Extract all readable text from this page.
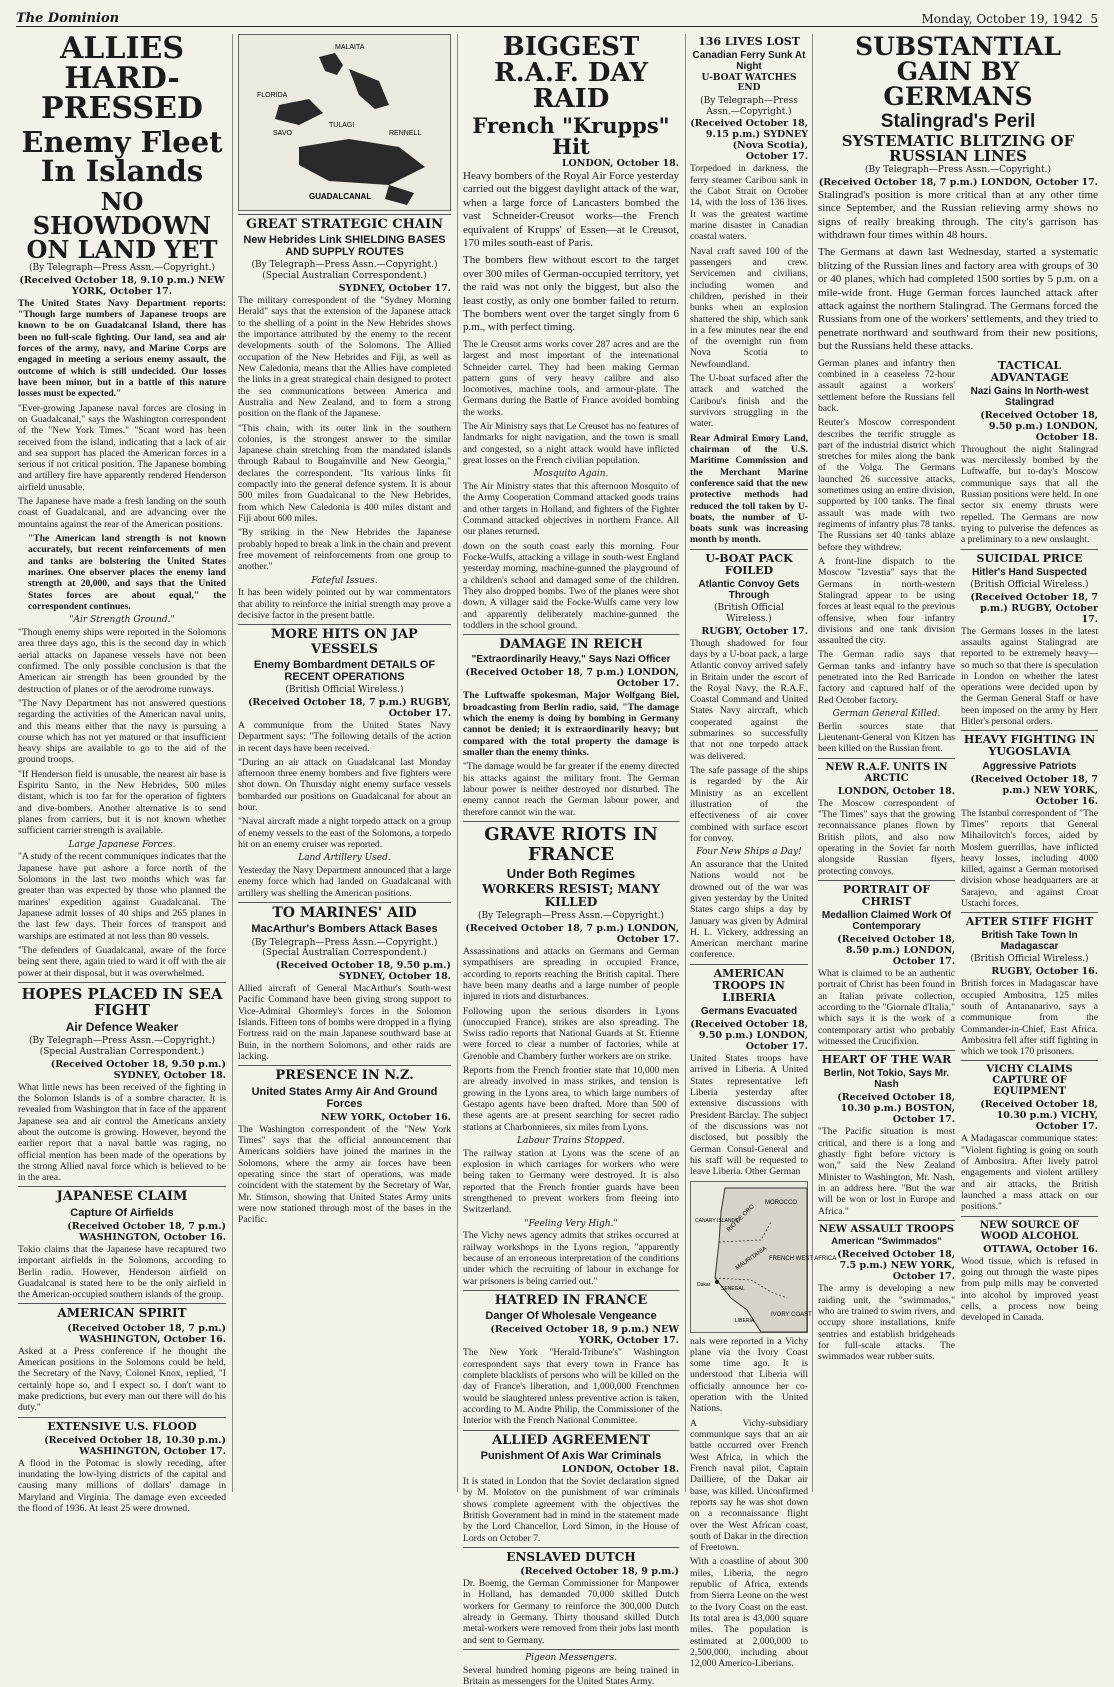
The Dominion	Monday, October 19, 1942 5
ALLIES HARD-PRESSED
Enemy Fleet In Islands
NO SHOWDOWN ON LAND YET
(By Telegraph—Press Assn.—Copyright.)
(Received October 18, 9.10 p.m.) NEW YORK, October 17.

The United States Navy Department reports: "Though large numbers of Japanese troops are known to be on Guadalcanal Island, there has been no full-scale fighting. Our land, sea and air forces of the army, navy, and Marine Corps are engaged in meeting a serious enemy assault, the outcome of which is still undecided. Our losses have been minor, but in a battle of this nature losses must be expected."

"Ever-growing Japanese naval forces are closing in on Guadalcanal," says the Washington correspondent of the "New York Times." "Scant word has been received from the island, indicating that a lack of air and sea support has placed the American forces in a serious if not critical position. The Japanese bombing and artillery fire have apparently rendered Henderson airfield unusable.

The Japanese have made a fresh landing on the south coast of Guadalcanal, and are advancing over the mountains against the rear of the American positions.

"The American land strength is not known accurately, but recent reinforcements of men and tanks are bolstering the United States marines. One observer places the enemy land strength at 20,000, and says that the United States forces are about equal," the correspondent continues.

"Air Strength Ground."

"Though enemy ships were reported in the Solomons area three days ago, this is the second day in which aerial attacks on Japanese vessels have not been confirmed. The only possible conclusion is that the American air strength has been grounded by the destruction of planes or of the aerodrome runways.

"The Navy Department has not answered questions regarding the activities of the American naval units, and this means either that the navy is pursuing a course which has not yet matured or that insufficient heavy ships are available to go to the aid of the ground troops.

"If Henderson field is unusable, the nearest air base is Espiritu Santo, in the New Hebrides, 500 miles distant, which is too far for the operation of fighters and dive-bombers. Another alternative is to send planes from carriers, but it is not known whether sufficient carrier strength is available.

Large Japanese Forces.

"A study of the recent communiques indicates that the Japanese have put ashore a force north of the Solomons in the last two months which was far greater than was expected by those who planned the marines' expedition against Guadalcanal. The Japanese admit losses of 40 ships and 265 planes in the last few days. Their forces of transport and warships are estimated at not less than 80 vessels.

"The defenders of Guadalcanal, aware of the force being sent there, again tried to ward it off with the air power at their disposal, but it was overwhelmed.

HOPES PLACED IN SEA FIGHT
Air Defence Weaker
(By Telegraph—Press Assn.—Copyright.) (Special Australian Correspondent.)
(Received October 18, 9.50 p.m.) SYDNEY, October 18.

What little news has been received of the fighting in the Solomon Islands is of a sombre character. It is revealed from Washington that in face of the apparent Japanese sea and air control the Americans anxiety about the outcome is growing. However, beyond the earlier report that a naval battle was raging, no official mention has been made of the operations by the strong Allied naval force which is believed to be in the area.

JAPANESE CLAIM
Capture Of Airfields
(Received October 18, 7 p.m.) WASHINGTON, October 16.

Tokio claims that the Japanese have recaptured two important airfields in the Solomons, according to Berlin radio. However, Henderson airfield on Guadalcanal is stated here to be the only airfield in the American-occupied southern islands of the group.

AMERICAN SPIRIT
(Received October 18, 7 p.m.) WASHINGTON, October 16.

Asked at a Press conference if he thought the American positions in the Solomons could be held, the Secretary of the Navy, Colonel Knox, replied, "I certainly hope so, and I expect so. I don't want to make predictions, but every man out there will do his duty."

EXTENSIVE U.S. FLOOD
(Received October 18, 10.30 p.m.) WASHINGTON, October 17.

A flood in the Potomac is slowly receding, after inundating the low-lying districts of the capital and causing many millions of dollars' damage in Maryland and Virginia. The damage even exceeded the flood of 1936. At least 25 were drowned.

MALAITA
FLORIDA
SAVO
TULAGI
GUADALCANAL
RENNELL
GREAT STRATEGIC CHAIN
New Hebrides Link SHIELDING BASES AND SUPPLY ROUTES
(By Telegraph—Press Assn.—Copyright.) (Special Australian Correspondent.)
SYDNEY, October 17.

The military correspondent of the "Sydney Morning Herald" says that the extension of the Japanese attack to the shelling of a point in the New Hebrides shows the importance attributed by the enemy to the recent developments south of the Solomons. The Allied occupation of the New Hebrides and Fiji, as well as New Caledonia, means that the Allies have completed the links in a great strategical chain designed to protect the sea communications between America and Australia and New Zealand, and to form a strong position on the flank of the Japanese.

"This chain, with its outer link in the southern colonies, is the strongest answer to the similar Japanese chain stretching from the mandated islands through Rabaul to Bougainville and New Georgia," declares the correspondent. "Its various links fit compactly into the general defence system. It is about 500 miles from Guadalcanal to the New Hebrides, from which New Caledonia is 400 miles distant and Fiji about 600 miles.

"By striking in the New Hebrides the Japanese probably hoped to break a link in the chain and prevent free movement of reinforcements from one group to another."

Fateful Issues.

It has been widely pointed out by war commentators that ability to reinforce the initial strength may prove a decisive factor in the present battle.

MORE HITS ON JAP VESSELS
Enemy Bombardment DETAILS OF RECENT OPERATIONS
(British Official Wireless.)
(Received October 18, 7 p.m.) RUGBY, October 17.

A communique from the United States Navy Department says: "The following details of the action in recent days have been received.

"During an air attack on Guadalcanal last Monday afternoon three enemy bombers and five fighters were shot down. On Thursday night enemy surface vessels bombarded our positions on Guadalcanal for about an hour.

"Naval aircraft made a night torpedo attack on a group of enemy vessels to the east of the Solomons, a torpedo hit on an enemy cruiser was reported.

Land Artillery Used.

Yesterday the Navy Department announced that a large enemy force which had landed on Guadalcanal with artillery was shelling the American positions.

TO MARINES' AID
MacArthur's Bombers Attack Bases
(By Telegraph—Press Assn.—Copyright.) (Special Australian Correspondent.)
(Received October 18, 9.50 p.m.) SYDNEY, October 18.

Allied aircraft of General MacArthur's South-west Pacific Command have been giving strong support to Vice-Admiral Ghormley's forces in the Solomon Islands. Fifteen tons of bombs were dropped in a flying Fortress raid on the main Japanese southward base at Buin, in the northern Solomons, and other raids are lacking.

PRESENCE IN N.Z.
United States Army Air And Ground Forces
NEW YORK, October 16.

The Washington correspondent of the "New York Times" says that the official announcement that Americans soldiers have joined the marines in the Solomons, where the army air forces have been operating since the start of operations, was made coincident with the statement by the Secretary of War, Mr. Stimson, showing that United States Army units were now stationed through most of the bases in the Pacific.

BIGGEST R.A.F. DAY RAID
French "Krupps" Hit
LONDON, October 18.

Heavy bombers of the Royal Air Force yesterday carried out the biggest daylight attack of the war, when a large force of Lancasters bombed the vast Schneider-Creusot works—the French equivalent of Krupps' of Essen—at le Creusot, 170 miles south-east of Paris.

The bombers flew without escort to the target over 300 miles of German-occupied territory, yet the raid was not only the biggest, but also the least costly, as only one bomber failed to return. The bombers went over the target singly from 6 p.m., with perfect timing.

The le Creusot arms works cover 287 acres and are the largest and most important of the international Schneider cartel. They had been making German pattern guns of very heavy calibre and also locomotives, machine tools, and armour-plate. The Germans during the Battle of France avoided bombing the works.

The Air Ministry says that Le Creusot has no features of landmarks for night navigation, and the town is small and congested, so a night attack would have inflicted great losses on the French civilian population.

Mosquito Again.

The Air Ministry states that this afternoon Mosquito of the Army Cooperation Command attacked goods trains and other targets in Holland, and fighters of the Fighter Command attacked objectives in northern France. All our planes returned.

down on the south coast early this morning. Four Focke-Wulfs, attacking a village in south-west England yesterday morning, machine-gunned the playground of a children's school and damaged some of the children. They also dropped bombs. Two of the planes were shot down. A villager said the Focke-Wulfs came very low and apparently deliberately machine-gunned the toddlers in the school ground.

DAMAGE IN REICH
"Extraordinarily Heavy," Says Nazi Officer
(Received October 18, 7 p.m.) LONDON, October 17.

The Luftwaffe spokesman, Major Wolfgang Biel, broadcasting from Berlin radio, said, "The damage which the enemy is doing by bombing in Germany cannot be denied; it is extraordinarily heavy; but compared with the total property the damage is smaller than the enemy thinks.

"The damage would be far greater if the enemy directed his attacks against the military front. The German labour power is neither destroyed nor disturbed. The enemy cannot reach the German labour power, and therefore cannot win the war.

GRAVE RIOTS IN FRANCE
Under Both Regimes
WORKERS RESIST; MANY KILLED
(By Telegraph—Press Assn.—Copyright.)
(Received October 18, 7 p.m.) LONDON, October 17.

Assassinations and attacks on Germans and German sympathisers are spreading in occupied France, according to reports reaching the British capital. There have been many deaths and a large number of people injured in riots and disturbances.

Following upon the serious disorders in Lyons (unoccupied France), strikes are also spreading. The Swiss radio reports that National Guards at St. Etienne were forced to clear a number of factories, while at Grenoble and Chambery further workers are on strike.

Reports from the French frontier state that 10,000 men are already involved in mass strikes, and tension is growing in the Lyons area, to which large numbers of Gestapo agents have been drafted. More than 500 of these agents are at present searching for secret radio stations at Charbonnieres, six miles from Lyons.

Labour Trains Stopped.

The railway station at Lyons was the scene of an explosion in which carriages for workers who were being taken to Germany were destroyed. It is also reported that the French frontier guards have been strengthened to prevent workers from fleeing into Switzerland.

"Feeling Very High."

The Vichy news agency admits that strikes occurred at railway workshops in the Lyons region, "apparently because of an erroneous interpretation of the conditions under which the recruiting of labour in exchange for war prisoners is being carried out."

HATRED IN FRANCE
Danger Of Wholesale Vengeance
(Received October 18, 9 p.m.) NEW YORK, October 17.

The New York "Herald-Tribune's" Washington correspondent says that every town in France has complete blacklists of persons who will be killed on the day of France's liberation, and 1,000,000 Frenchmen would be slaughtered unless preventive action is taken, according to M. Andre Philip, the Commissioner of the Interior with the French National Committee.

ALLIED AGREEMENT
Punishment Of Axis War Criminals
LONDON, October 18.

It is stated in London that the Soviet declaration signed by M. Molotov on the punishment of war criminals shows complete agreement with the objectives the British Government had in mind in the statement made by the Lord Chancellor, Lord Simon, in the House of Lords on October 7.

ENSLAVED DUTCH
(Received October 18, 9 p.m.)

Dr. Boenig, the German Commissioner for Manpower in Holland, has demanded 70,000 skilled Dutch workers for Germany to reinforce the 300,000 Dutch already in Germany. Thirty thousand skilled Dutch metal-workers were removed from their jobs last month and sent to Germany.

Pigeon Messengers.

Several hundred homing pigeons are being trained in Britain as messengers for the United States Army.

136 LIVES LOST
Canadian Ferry Sunk At Night
U-BOAT WATCHES END
(By Telegraph—Press Assn.—Copyright.)
(Received October 18, 9.15 p.m.) SYDNEY (Nova Scotia), October 17.

Torpedoed in darkness, the ferry steamer Caribou sank in the Cabot Strait on October 14, with the loss of 136 lives. It was the greatest wartime marine disaster in Canadian coastal waters.

Naval craft saved 100 of the passengers and crew. Servicemen and civilians, including women and children, perished in their bunks when an explosion shattered the ship, which sank in a few minutes near the end of the overnight run from Nova Scotia to Newfoundland.

The U-boat surfaced after the attack and watched the Caribou's finish and the survivors struggling in the water.

Rear Admiral Emory Land, chairman of the U.S. Maritime Commission and the Merchant Marine conference said that the new protective methods had reduced the toll taken by U-boats, the number of U-boats sunk was increasing month by month.

U-BOAT PACK FOILED
Atlantic Convoy Gets Through
(British Official Wireless.)
RUGBY, October 17.

Though shadowed for four days by a U-boat pack, a large Atlantic convoy arrived safely in Britain under the escort of the Royal Navy, the R.A.F., Coastal Command and United States Navy aircraft, which cooperated against the submarines so successfully that not one torpedo attack was delivered.

The safe passage of the ships is regarded by the Air Ministry as an excellent illustration of the effectiveness of air cover combined with surface escort for convoy.

Four New Ships a Day!

An assurance that the United Nations would not be drowned out of the war was given yesterday by the United States cargo ships a day by January was given by Admiral H. L. Vickery, addressing an American merchant marine conference.

AMERICAN TROOPS IN LIBERIA
Germans Evacuated
(Received October 18, 9.50 p.m.) LONDON, October 17.

United States troops have arrived in Liberia. A United States representative left Liberia yesterday after extensive discussions with President Barclay. The subject of the discussions was not disclosed, but possibly the German Consul-General and his staff will be requested to leave Liberia. Other German

RIO DE ORO
MOROCCO
MAURITANIA FRENCH WEST AFRICA
SENEGAL
IVORY COAST
LIBERIA
Dakar
CANARY ISLANDS

nals were reported in a Vichy plane via the Ivory Coast some time ago. It is understood that Liberia will officially announce her co-operation with the United Nations.

A Vichy-subsidiary communique says that an air battle occurred over French West Africa, in which the French naval pilot, Captain Dailliere, of the Dakar air base, was killed. Unconfirmed reports say he was shot down on a reconnaissance flight over the West African coast, south of Dakar in the direction of Freetown.

With a coastline of about 300 miles, Liberia, the negro republic of Africa, extends from Sierra Leone on the west to the Ivory Coast on the east. Its total area is 43,000 square miles. The population is estimated at 2,000,000 to 2,500,000, including about 12,000 Americo-Liberians.

SUBSTANTIAL GAIN BY GERMANS
Stalingrad's Peril
SYSTEMATIC BLITZING OF RUSSIAN LINES
(By Telegraph—Press Assn.—Copyright.)
(Received October 18, 7 p.m.) LONDON, October 17.

Stalingrad's position is more critical than at any other time since September, and the Russian relieving army shows no signs of really breaking through. The city's garrison has withdrawn four times within 48 hours.

The Germans at dawn last Wednesday, started a systematic blitzing of the Russian lines and factory area with groups of 30 or 40 planes, which had completed 1500 sorties by 5 p.m. on a mile-wide front. Huge German forces launched attack after attack against the northern Stalingrad. The Germans forced the Russians from one of the workers' settlements, and they tried to penetrate northward and southward from their new positions, but the Russians held these attacks.

German planes and infantry then combined in a ceaseless 72-hour assault against a workers' settlement before the Russians fell back.

Reuter's Moscow correspondent describes the terrific struggle as part of the industrial district which stretches for miles along the bank of the Volga. The Germans launched 26 successive attacks, sometimes using an entire division, supported by 100 tanks. The final assault was made with two regiments of infantry plus 78 tanks. The Russians set 40 tanks ablaze before they withdrew.

A front-line dispatch to the Moscow "Izvestia" says that the Germans in north-western Stalingrad appear to be using forces at least equal to the previous offensive, when four infantry divisions and one tank division assaulted the city.

The German radio says that German tanks and infantry have penetrated into the Red Barricade factory and captured half of the Red October factory.

German General Killed.

Berlin sources state that Lieutenant-General von Kitzen has been killed on the Russian front.

NEW R.A.F. UNITS IN ARCTIC
LONDON, October 18.

The Moscow correspondent of "The Times" says that the growing reconnaissance planes flown by British pilots, and also now operating in the Soviet far north alongside Russian flyers, protecting convoys.

PORTRAIT OF CHRIST
Medallion Claimed Work Of Contemporary
(Received October 18, 8.50 p.m.) LONDON, October 17.

What is claimed to be an authentic portrait of Christ has been found in an Italian private collection, according to the "Giornale d'Italia," which says it is the work of a contemporary artist who probably witnessed the Crucifixion.

HEART OF THE WAR
Berlin, Not Tokio, Says Mr. Nash
(Received October 18, 10.30 p.m.) BOSTON, October 17.

"The Pacific situation is most critical, and there is a long and ghastly fight before victory is won," said the New Zealand Minister to Washington, Mr. Nash, in an address here. "But the war will be won or lost in Europe and Africa."

NEW ASSAULT TROOPS
American "Swimmados"
(Received October 18, 7.5 p.m.) NEW YORK, October 17.

The army is developing a new raiding unit, the "swimmados," who are trained to swim rivers, and occupy shore installations, knife sentries and establish bridgeheads for full-scale attacks. The swimmados wear rubber suits.

TACTICAL ADVANTAGE
Nazi Gains In North-west Stalingrad
(Received October 18, 9.50 p.m.) LONDON, October 18.

Throughout the night Stalingrad was mercilessly bombed by the Luftwaffe, but to-day's Moscow communique says that all the Russian positions were held. In one sector six enemy thrusts were repelled. The Germans are now trying to pulverise the defences as a preliminary to a new onslaught.

SUICIDAL PRICE
Hitler's Hand Suspected
(British Official Wireless.)
(Received October 18, 7 p.m.) RUGBY, October 17.

The Germans losses in the latest assaults against Stalingrad are reported to be extremely heavy—so much so that there is speculation in London on whether the latest operations were decided upon by the German General Staff or have been imposed on the army by Herr Hitler's personal orders.

HEAVY FIGHTING IN YUGOSLAVIA
Aggressive Patriots
(Received October 18, 7 p.m.) NEW YORK, October 16.

The Istanbul correspondent of "The Times" reports that General Mihailovitch's forces, aided by Moslem guerrillas, have inflicted heavy losses, including 4000 killed, against a German motorised division whose headquarters are at Sarajevo, and against Croat Ustachi forces.

AFTER STIFF FIGHT
British Take Town In Madagascar
(British Official Wireless.)
RUGBY, October 16.

British forces in Madagascar have occupied Ambositra, 125 miles south of Antananarivo, says a communique from the Commander-in-Chief, East Africa. Ambositra fell after stiff fighting in which we took 170 prisoners.

VICHY CLAIMS CAPTURE OF EQUIPMENT
(Received October 18, 10.30 p.m.) VICHY, October 17.

A Madagascar communique states: "Violent fighting is going on south of Ambositra. After lively patrol engagements and violent artillery and air attacks, the British launched a mass attack on our positions."

NEW SOURCE OF WOOD ALCOHOL
OTTAWA, October 16.

Wood tissue, which is refused in going out through the waste pipes from pulp mills may be converted into alcohol by improved yeast cells, a process now being developed in Canada.
